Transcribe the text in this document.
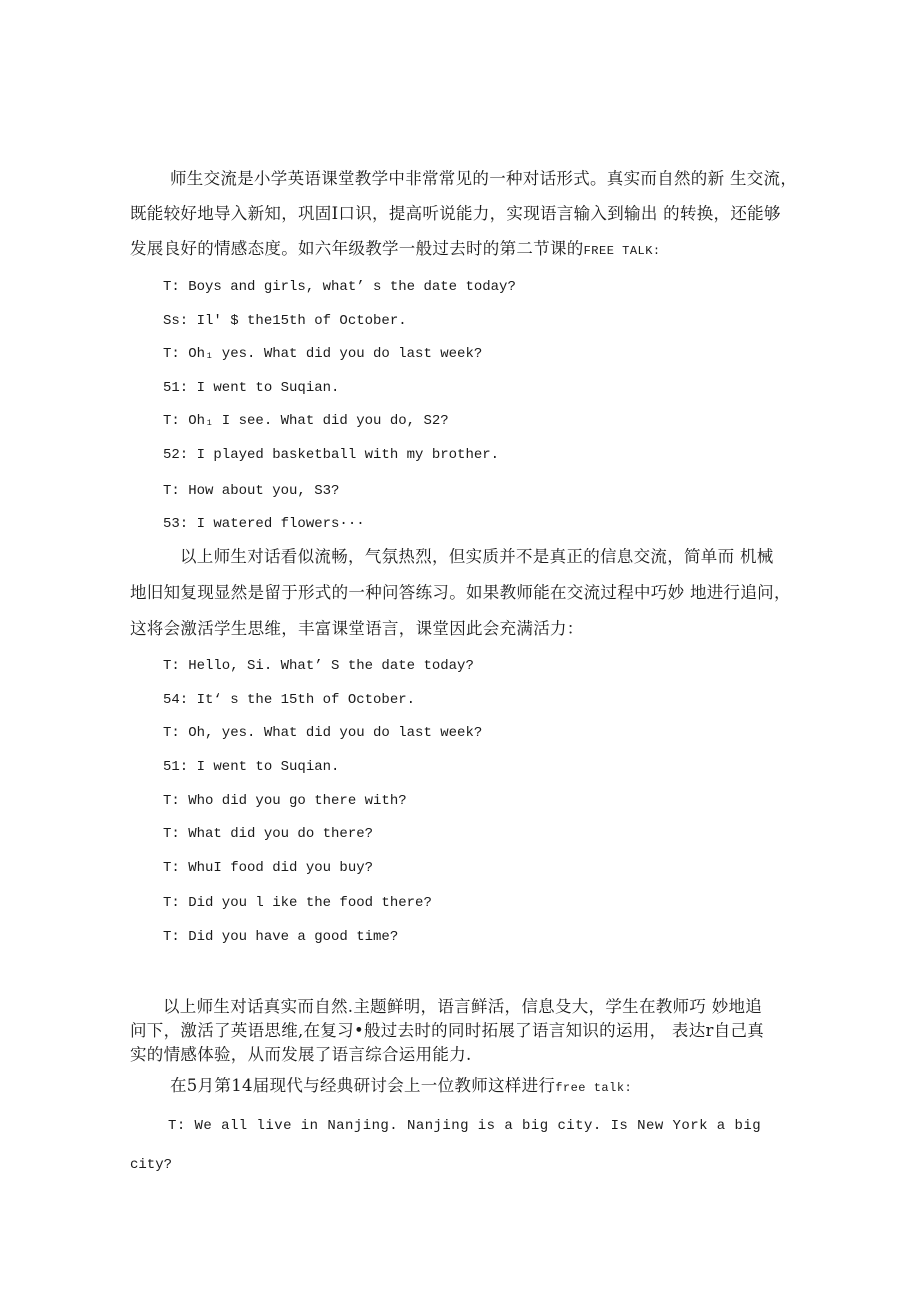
师生交流是小学英语课堂教学中非常常见的一种对话形式。真实而自然的新 生交流，
既能较好地导入新知，巩固I口识，提高听说能力，实现语言输入到输出 的转换，还能够
发展良好的情感态度。如六年级教学一般过去时的第二节课的FREE TALK:
T: Boys and girls, what’ s the date today?
Ss: Il' $ the15th of October.
T: Oh₁ yes. What did you do last week?
51: I went to Suqian.
T: Oh₁ I see. What did you do, S2?
52: I played basketball with my brother.
T: How about you, S3?
53: I watered flowers···
以上师生对话看似流畅，气氛热烈，但实质并不是真正的信息交流，简单而 机械
地旧知复现显然是留于形式的一种问答练习。如果教师能在交流过程中巧妙 地进行追问，
这将会激活学生思维，丰富课堂语言，课堂因此会充满活力：
T: Hello, Si. What’ S the date today?
54: It‘ s the 15th of October.
T: Oh, yes. What did you do last week?
51: I went to Suqian.
T: Who did you go there with?
T: What did you do there?
T: WhuI food did you buy?
T: Did you l ike the food there?
T: Did you have a good time?
以上师生对话真实而自然.主题鲜明，语言鲜活，信息殳大，学生在教师巧 妙地追
问下，激活了英语思维,在复习•般过去时的同时拓展了语言知识的运用， 表达r自己真
实的情感体验，从而发展了语言综合运用能力.
在5月第14届现代与经典研讨会上一位教师这样进行free talk:
T: We all live in Nanjing. Nanjing is a big city. Is New York a big
city?
